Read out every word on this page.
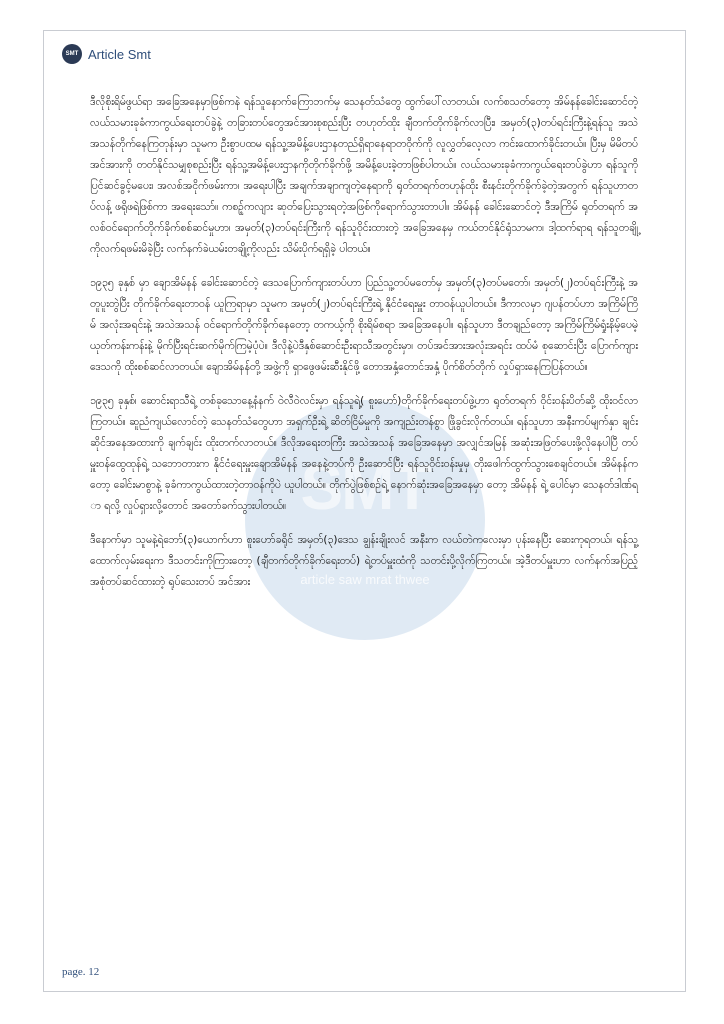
SMT Article Smt
SMT
article saw mrat thwee

ဒီလိုစိုးရိမ်ဖွယ်ရာ အခြေအနေမှာဖြစ်ကနဲ ရန်သူနောက်ကြောဘက်မှ သေနတ်သံတွေ ထွက်ပေါ်လာတယ်။ လက်စသတ်တော့ အိမ်နန်ခေါင်းဆောင်တဲ့ လယ်သမားခုခံကာကွယ်ရေးတပ်ခွဲနဲ့ တခြားတပ်တွေအင်အားစုစည်းပြီး တဟုတ်ထိုး ချီတက်တိုက်ခိုက်လာပြီး၊ အမှတ်(၃)တပ်ရင်းကြီးနဲ့ရန်သူ အသဲအသန်တိုက်နေကြတုန်းမှာ သူမက ဦးစွာပထမ ရန်သူ့အမိန့်ပေးဌာနတည်ရှိရာနေရာတဝိုက်ကို လူလွှတ်လေ့လာ ကင်းထောက်ခိုင်းတယ်။ ပြီးမှ မိမိတပ်အင်အားကို တတ်နိုင်သမျှစုစည်းပြီး ရန်သူ့အမိန့်ပေးဌာနကိုတိုက်ခိုက်ဖို့ အမိန့်ပေးခဲ့တာဖြစ်ပါတယ်။ လယ်သမားခုခံကာကွယ်ရေးတပ်ခွဲဟာ ရန်သူကို ပြင်ဆင်ခွင့်မပေး၊ အလစ်အငိုက်ဖမ်းကာ၊ အရေးပါပြီး အချက်အချာကျတဲ့နေရာကို ရုတ်တရက်တဟုန်ထိုး စီးနင်းတိုက်ခိုက်ခဲ့တဲ့အတွက် ရန်သူဟာတပ်လန့် ဖရိုဖရဲဖြစ်ကာ အရေးသော်။ ကစဉ့်ကလျား ဆုတ်ပြေးသွားရတဲ့အဖြစ်ကိုရောက်သွားတာပါ။ အိမ်နန် ခေါင်းဆောင်တဲ့ ဒီအကြိမ် ရုတ်တရက် အလစ်ဝင်ရောက်တိုက်ခိုက်စစ်ဆင်မှုဟာ၊ အမှတ်(၃)တပ်ရင်းကြီးကို ရန်သူဝိုင်းထားတဲ့ အခြေအနေမှ ကယ်တင်နိုင်ရုံသာမက၊ ဒါ့ထက်ရာရ ရန်သူတချို့ကိုလက်ရဖမ်းမိခဲ့ပြီး လက်နက်ခဲယမ်းတချို့ကိုလည်း သိမ်းပိုက်ရရှိခဲ့ ပါတယ်။

၁၉၃၅ ခုနှစ် မှာ ချောအိမ်နန် ခေါင်းဆောင်တဲ့ ဒေသပြောက်ကျားတပ်ဟာ ပြည်သူ့တပ်မတော်မှ အမှတ်(၃)တပ်မတော်၊ အမှတ်(၂)တပ်ရင်းကြီးနဲ့ အတူပူးတွဲပြီး တိုက်ခိုက်ရေးတာဝန် ယူကြရာမှာ သူမက အမှတ်(၂)တပ်ရင်းကြီးရဲ့ နိုင်ငံရေးမှူး တာဝန်ယူပါတယ်။ ဒီကာလမှာ ဂျပန်တပ်ဟာ အကြိမ်ကြိမ် အလုံးအရင်းနဲ့ အသဲအသန် ဝင်ရောက်တိုက်ခိုက်နေတော့ တကယ့်ကို စိုးရိမ်စရာ အခြေအနေပါ။ ရန်သူဟာ ဒီတချည်တော့ အကြိမ်ကြိမ်ရှုံးနိမ့်ပေမဲ့ယုတ်ကန်းကန်းနဲ့ မိုက်ပြီးရင်းဆက်မိုက်ကြမဲ့ပုံပဲ။ ဒီလိုနဲ့ပဲဒီနှစ်ဆောင်းဦးရာသီအတွင်းမှာ၊ တပ်အင်အားအလုံးအရင်း ထပ်မံ စုဆောင်းပြီး ပြောက်ကျားဒေသကို ထိုးစစ်ဆင်လာတယ်။ ချောအိမ်နန်တို့ အဖွဲ့ကို ရှာဖွေဖမ်းဆီးနိုင်ဖို့ တောအနှံ့တောင်အနှံ့ ပိုက်စိတ်တိုက် လှုပ်ရှားနေကြပြန်တယ်။

၁၉၃၅ ခုနှစ်၊ ဆောင်းရာသီရဲ့ တစ်ခုသောနေ့နံနက် ဝဲလီဝဲလင်းမှာ ရန်သူရဲ့( စူးဟော်)တိုက်ခိုက်ရေးတပ်ဖွဲ့ဟာ ရုတ်တရက် ဝိုင်းဝန်းပိတ်ဆို့ ထိုးဝင်လာကြတယ်။ ဆူညံကျယ်လောင်တဲ့ သေနတ်သံတွေဟာ အရှက်ဦးရဲ့ ဆိတ်ငြိမ်မှုကို အကျည်းတန်စွာ ဖြိုခွင်းလိုက်တယ်။ ရန်သူဟာ အနီးကပ်မျက်နှာ ချင်းဆိုင်အနေအထားကို ချက်ချင်း ထိုးတက်လာတယ်။ ဒီလိုအရေးတကြီး အသဲအသန် အခြေအနေမှာ အလျှင်အမြန် အဆုံးအဖြတ်ပေးဖို့လိုနေပါပြီ တပ်မှူးဝန်ထွေထုန်ရဲ့ သဘောတားက နိုင်ငံရေးမှူးချောအိမ်နန် အနေနဲ့တပ်ကို ဦးဆောင်ပြီး ရန်သူဝိုင်းဝန်းမှုမှ တိုးဖေါက်ထွက်သွားစေချင်တယ်။ အိမ်နန်ကတော့ ခေါင်းမာစွာနဲ့ ခုခံကာကွယ်ထားတဲ့တာဝန်ကိုပဲ ယူပါတယ်။ တိုက်ပွဲဖြစ်စဉ်ရဲ့ နောက်ဆုံးအခြေအနေမှာ တော့ အိမ်နန် ရဲ့ ပေါင်မှာ သေနတ်ဒါဏ်ရာ ရလို့ လှုပ်ရှားလို့တောင် အတော်ခက်သွားပါတယ်။

ဒီနောက်မှာ သူမနဲ့ရဲဘော်(၃)ယောက်ဟာ စူးဟော်ခရိုင် အမှတ်(၃)ဒေသ ချွန်းချိုးလင် အနီးက လယ်တဲကလေးမှာ ပုန်းနေပြီး ဆေးကုရတယ်၊ ရန်သူ့ထောက်လှမ်းရေးက ဒီသတင်းကိုကြားတော့ (ချီတက်တိုက်ခိုက်ရေးတပ်) ရဲ့တပ်မှူးထံကို သတင်းပို့လိုက်ကြတယ်။ အဲ့ဒီတပ်မှူးဟာ လက်နက်အပြည့် အစုံတပ်ဆင်ထားတဲ့ ရုပ်သေးတပ် အင်အား

page. 12
